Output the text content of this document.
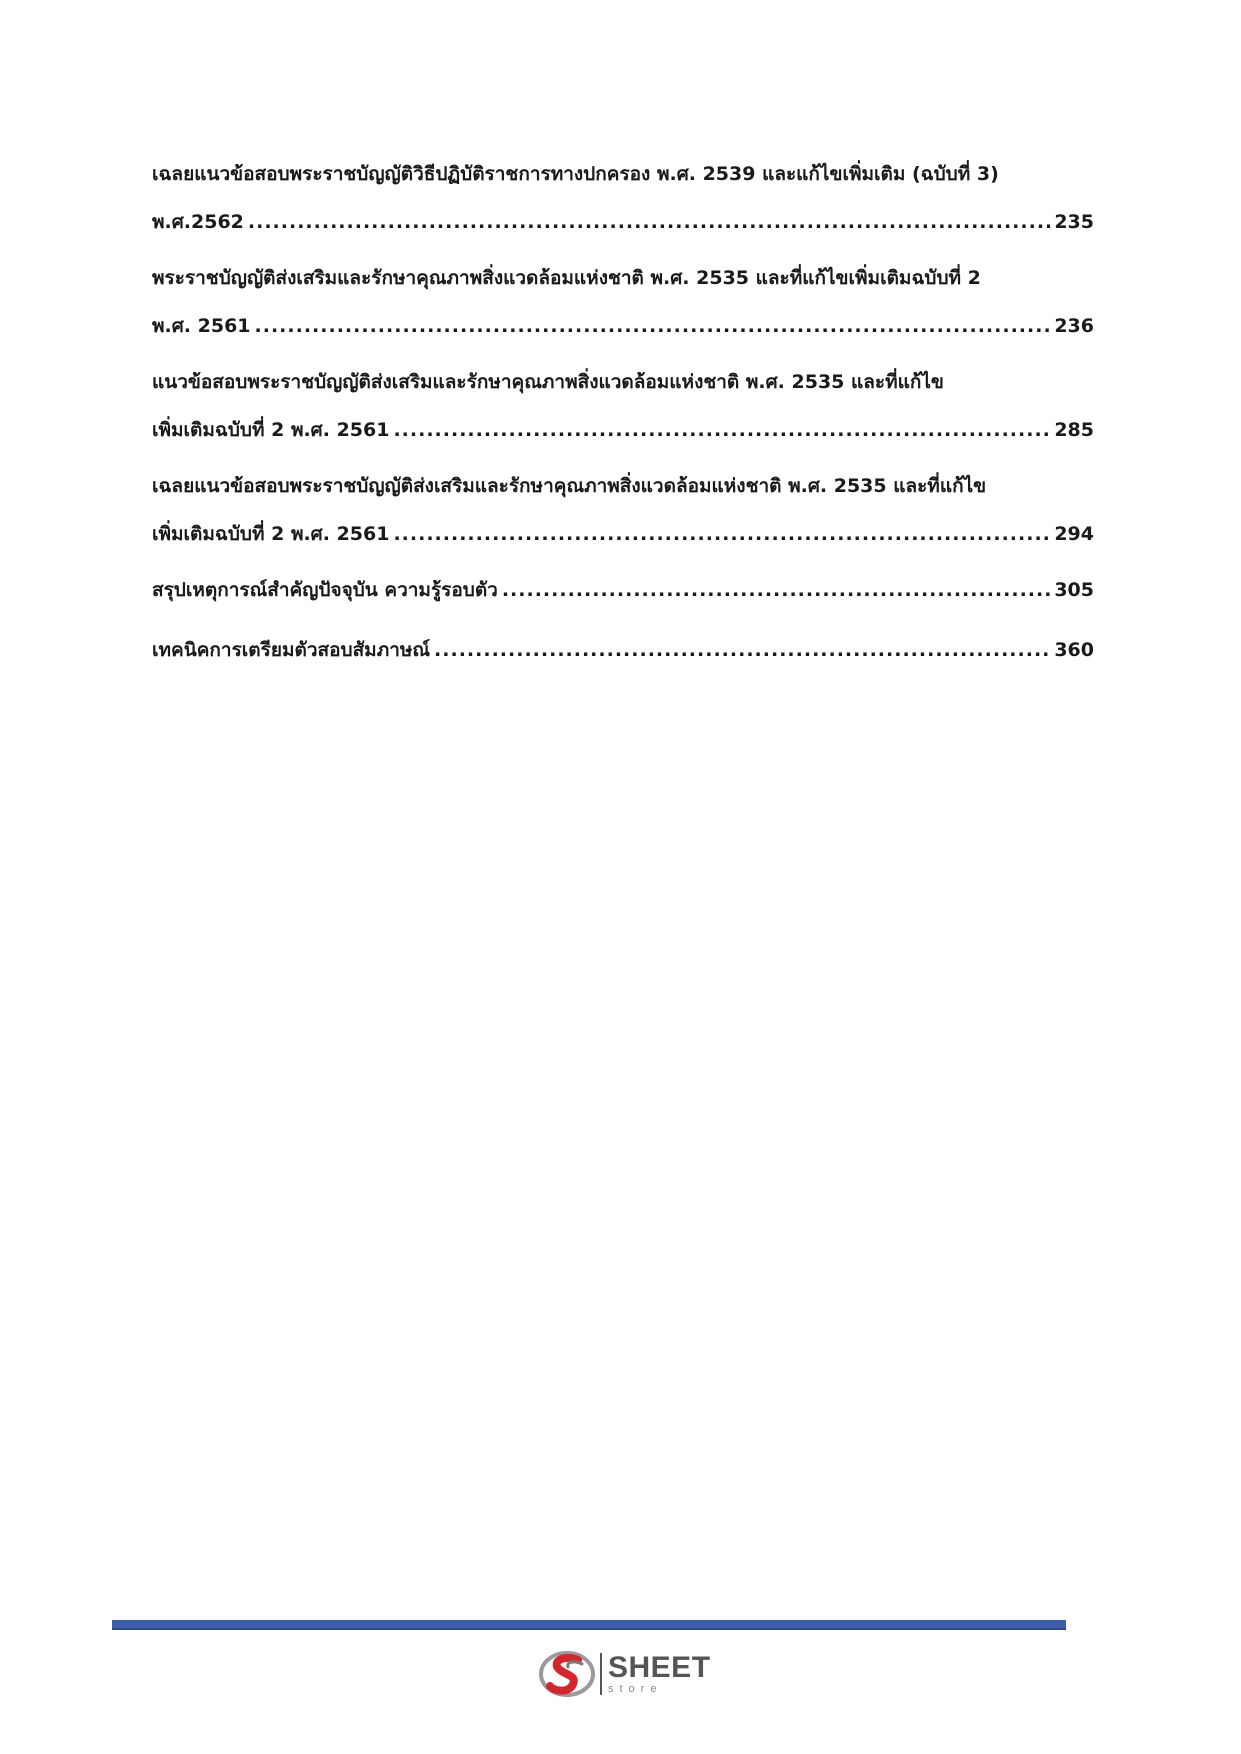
เฉลยแนวข้อสอบพระราชบัญญัติวิธีปฏิบัติราชการทางปกครอง พ.ศ. 2539 และแก้ไขเพิ่มเติม (ฉบับที่ 3)
พ.ศ.2562 .....	235
พระราชบัญญัติส่งเสริมและรักษาคุณภาพสิ่งแวดล้อมแห่งชาติ พ.ศ. 2535 และที่แก้ไขเพิ่มเติมฉบับที่ 2
พ.ศ. 2561 .....	236
แนวข้อสอบพระราชบัญญัติส่งเสริมและรักษาคุณภาพสิ่งแวดล้อมแห่งชาติ พ.ศ. 2535 และที่แก้ไข
เพิ่มเติมฉบับที่ 2 พ.ศ. 2561 .....	285
เฉลยแนวข้อสอบพระราชบัญญัติส่งเสริมและรักษาคุณภาพสิ่งแวดล้อมแห่งชาติ พ.ศ. 2535 และที่แก้ไข
เพิ่มเติมฉบับที่ 2 พ.ศ. 2561 .....	294
สรุปเหตุการณ์สำคัญปัจจุบัน ความรู้รอบตัว .....	305
เทคนิคการเตรียมตัวสอบสัมภาษณ์ .....	360
SHEET
store
